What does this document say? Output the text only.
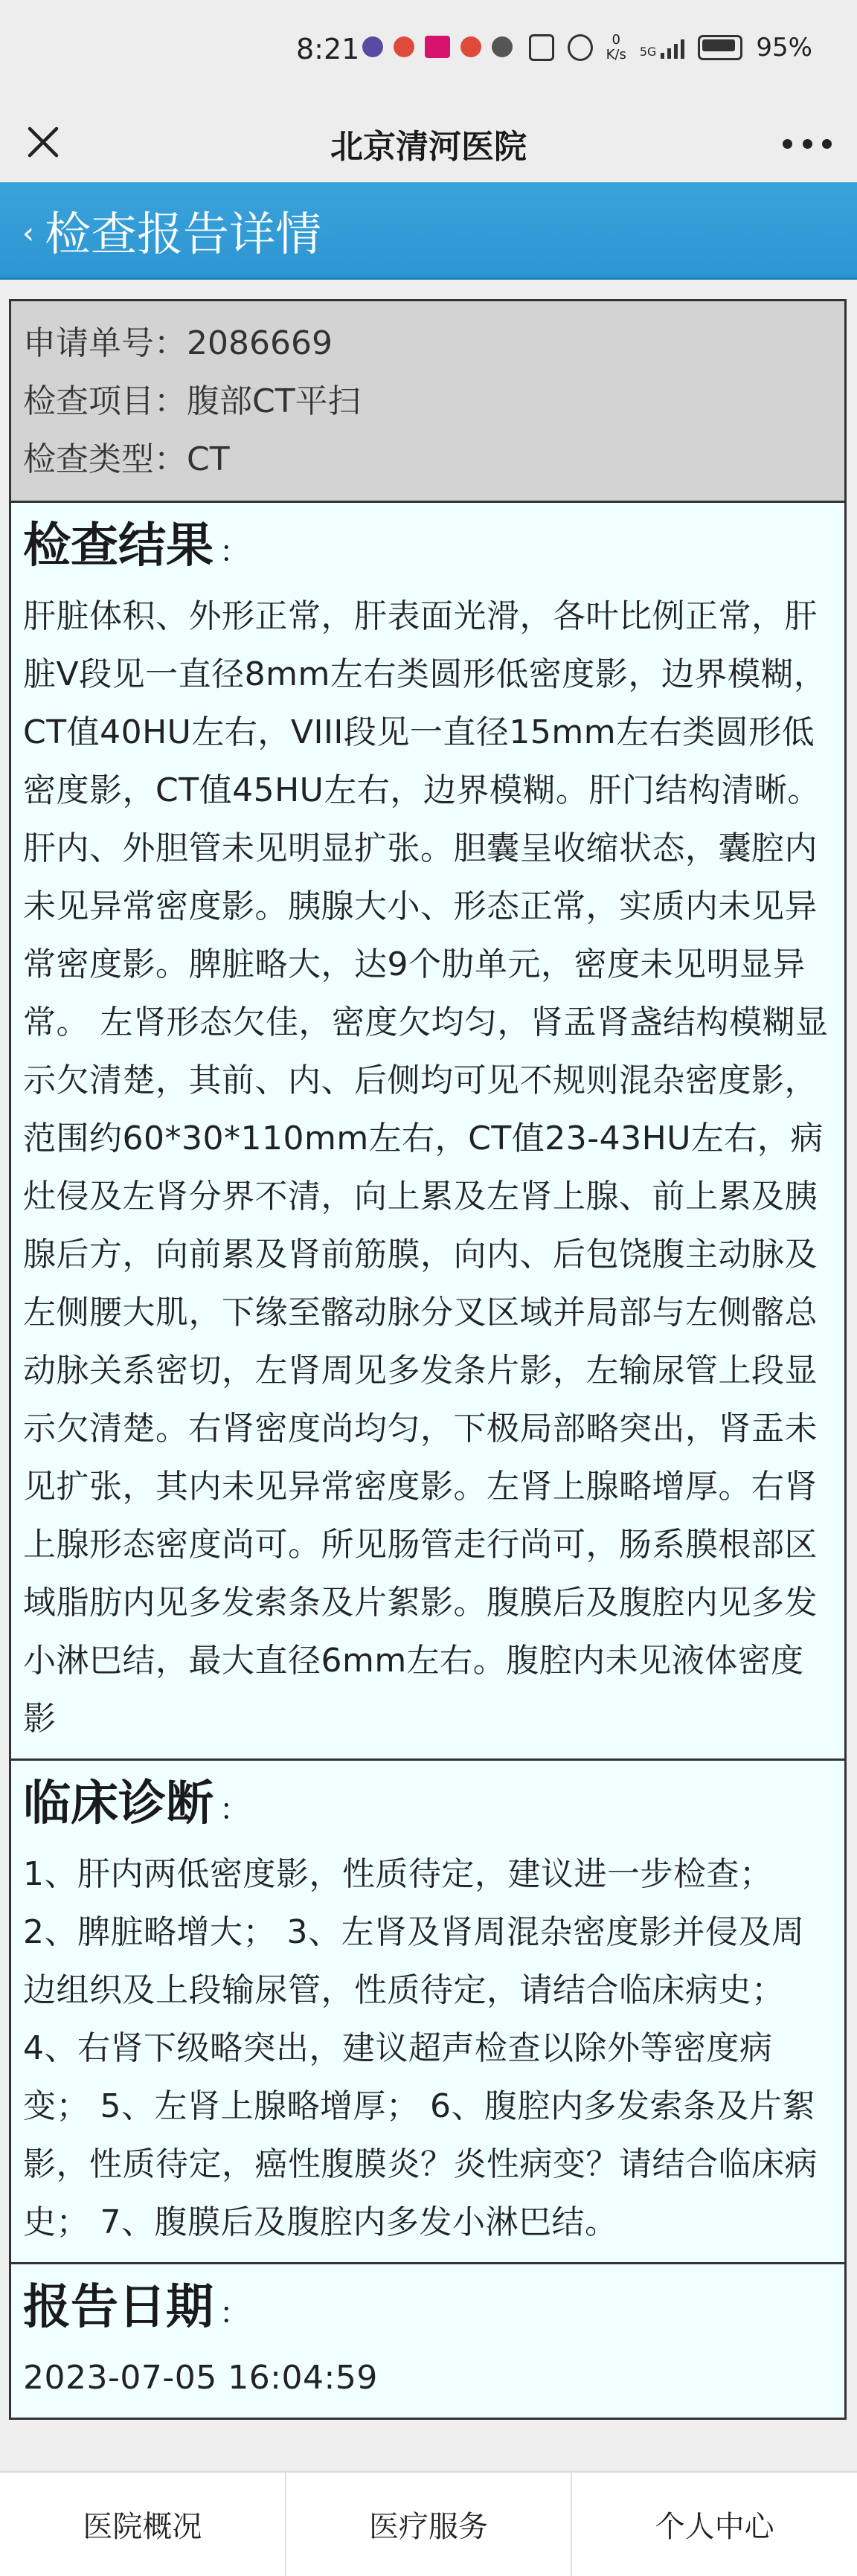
8:21	0
K/s 5G	95%
北京清河医院
‹ 检查报告详情
申请单号：2086669
检查项目：腹部CT平扫
检查类型：CT
检查结果 ：
肝脏体积、外形正常，肝表面光滑，各叶比例正常，肝脏V段见一直径8mm左右类圆形低密度影，边界模糊，CT值40HU左右，VIII段见一直径15mm左右类圆形低密度影，CT值45HU左右，边界模糊。肝门结构清晰。肝内、外胆管未见明显扩张。胆囊呈收缩状态，囊腔内未见异常密度影。胰腺大小、形态正常，实质内未见异常密度影。脾脏略大，达9个肋单元，密度未见明显异常。 左肾形态欠佳，密度欠均匀，肾盂肾盏结构模糊显示欠清楚，其前、内、后侧均可见不规则混杂密度影，范围约60*30*110mm左右，CT值23-43HU左右，病灶侵及左肾分界不清，向上累及左肾上腺、前上累及胰腺后方，向前累及肾前筋膜，向内、后包饶腹主动脉及左侧腰大肌，下缘至髂动脉分叉区域并局部与左侧髂总动脉关系密切，左肾周见多发条片影，左输尿管上段显示欠清楚。右肾密度尚均匀，下极局部略突出，肾盂未见扩张，其内未见异常密度影。左肾上腺略增厚。右肾上腺形态密度尚可。所见肠管走行尚可，肠系膜根部区域脂肪内见多发索条及片絮影。腹膜后及腹腔内见多发小淋巴结，最大直径6mm左右。腹腔内未见液体密度影
临床诊断 ：
1、肝内两低密度影，性质待定，建议进一步检查； 2、脾脏略增大； 3、左肾及肾周混杂密度影并侵及周边组织及上段输尿管，性质待定，请结合临床病史； 4、右肾下级略突出，建议超声检查以除外等密度病变； 5、左肾上腺略增厚； 6、腹腔内多发索条及片絮影，性质待定，癌性腹膜炎？炎性病变？请结合临床病史； 7、腹膜后及腹腔内多发小淋巴结。
报告日期 ：
2023-07-05 16:04:59
医院概况	医疗服务	个人中心
